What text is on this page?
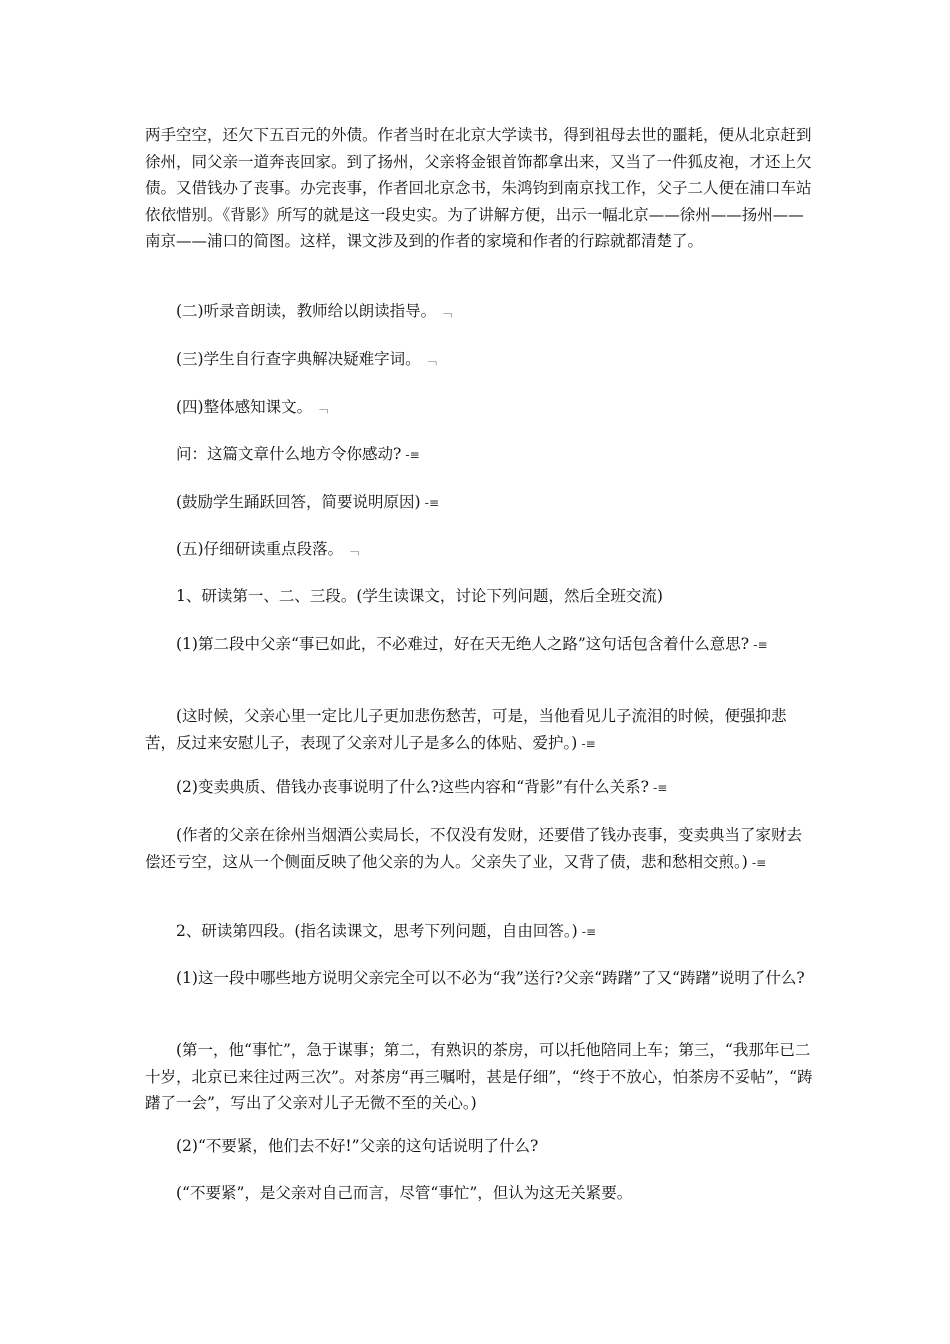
两手空空，还欠下五百元的外债。作者当时在北京大学读书，得到祖母去世的噩耗，便从北京赶到徐州，同父亲一道奔丧回家。到了扬州，父亲将金银首饰都拿出来，又当了一件狐皮袍，才还上欠债。又借钱办了丧事。办完丧事，作者回北京念书，朱鸿钧到南京找工作，父子二人便在浦口车站依依惜别。《背影》所写的就是这一段史实。为了讲解方便，出示一幅北京——徐州——扬州——南京——浦口的简图。这样，课文涉及到的作者的家境和作者的行踪就都清楚了。

(二)听录音朗读，教师给以朗读指导。 ﹁

(三)学生自行查字典解决疑难字词。 ﹁

(四)整体感知课文。 ﹁

问：这篇文章什么地方令你感动? -≡

(鼓励学生踊跃回答，简要说明原因) -≡

(五)仔细研读重点段落。 ﹁

1、研读第一、二、三段。(学生读课文，讨论下列问题，然后全班交流)

(1)第二段中父亲“事已如此，不必难过，好在天无绝人之路”这句话包含着什么意思? -≡

(这时候，父亲心里一定比儿子更加悲伤愁苦，可是，当他看见儿子流泪的时候，便强抑悲苦，反过来安慰儿子，表现了父亲对儿子是多么的体贴、爱护。) -≡

(2)变卖典质、借钱办丧事说明了什么?这些内容和“背影”有什么关系? -≡

(作者的父亲在徐州当烟酒公卖局长，不仅没有发财，还要借了钱办丧事，变卖典当了家财去偿还亏空，这从一个侧面反映了他父亲的为人。父亲失了业，又背了债，悲和愁相交煎。) -≡

2、研读第四段。(指名读课文，思考下列问题，自由回答。) -≡

(1)这一段中哪些地方说明父亲完全可以不必为“我”送行?父亲“踌躇”了又“踌躇”说明了什么?

(第一，他“事忙”，急于谋事；第二，有熟识的茶房，可以托他陪同上车；第三，“我那年已二十岁，北京已来往过两三次”。对茶房“再三嘱咐，甚是仔细”，“终于不放心，怕茶房不妥帖”，“踌躇了一会”，写出了父亲对儿子无微不至的关心。)

(2)“不要紧，他们去不好!”父亲的这句话说明了什么?

(“不要紧”，是父亲对自己而言，尽管“事忙”，但认为这无关紧要。
